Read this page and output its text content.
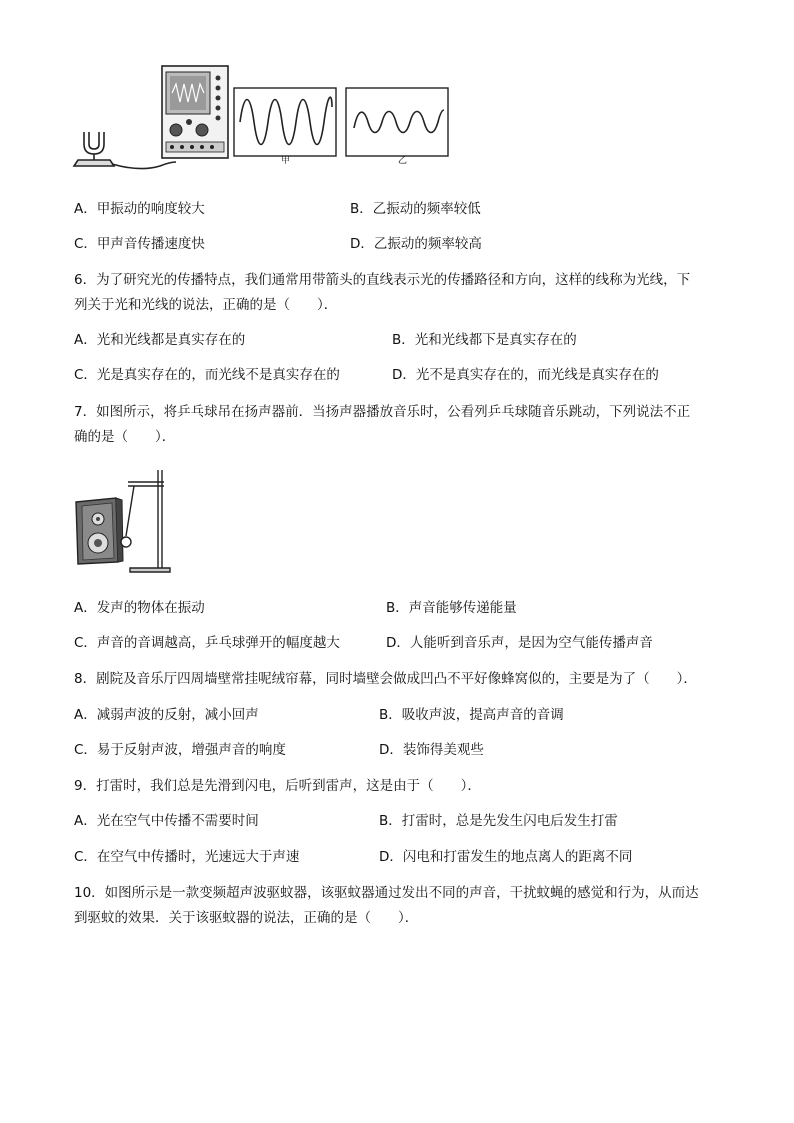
甲	乙
A．甲振动的响度较大	B．乙振动的频率较低
C．甲声音传播速度快	D．乙振动的频率较高
6．为了研究光的传播特点，我们通常用带箭头的直线表示光的传播路径和方向，这样的线称为光线，下
列关于光和光线的说法，正确的是（　　）．
A．光和光线都是真实存在的	B．光和光线都下是真实存在的
C．光是真实存在的，而光线不是真实存在的	D．光不是真实存在的，而光线是真实存在的
7．如图所示，将乒乓球吊在扬声器前．当扬声器播放音乐时，公看列乒乓球随音乐跳动，下列说法不正
确的是（　　）．
A．发声的物体在振动	B．声音能够传递能量
C．声音的音调越高，乒乓球弹开的幅度越大	D．人能听到音乐声，是因为空气能传播声音
8．剧院及音乐厅四周墙壁常挂呢绒帘幕，同时墙壁会做成凹凸不平好像蜂窝似的，主要是为了（　　）．
A．减弱声波的反射，减小回声	B．吸收声波，提高声音的音调
C．易于反射声波，增强声音的响度	D．装饰得美观些
9．打雷时，我们总是先滑到闪电，后听到雷声，这是由于（　　）．
A．光在空气中传播不需要时间	B．打雷时，总是先发生闪电后发生打雷
C．在空气中传播时，光速远大于声速	D．闪电和打雷发生的地点离人的距离不同
10．如图所示是一款变频超声波驱蚊器，该驱蚊器通过发出不同的声音，干扰蚊蝇的感觉和行为，从而达
到驱蚊的效果．关于该驱蚊器的说法，正确的是（　　）．
